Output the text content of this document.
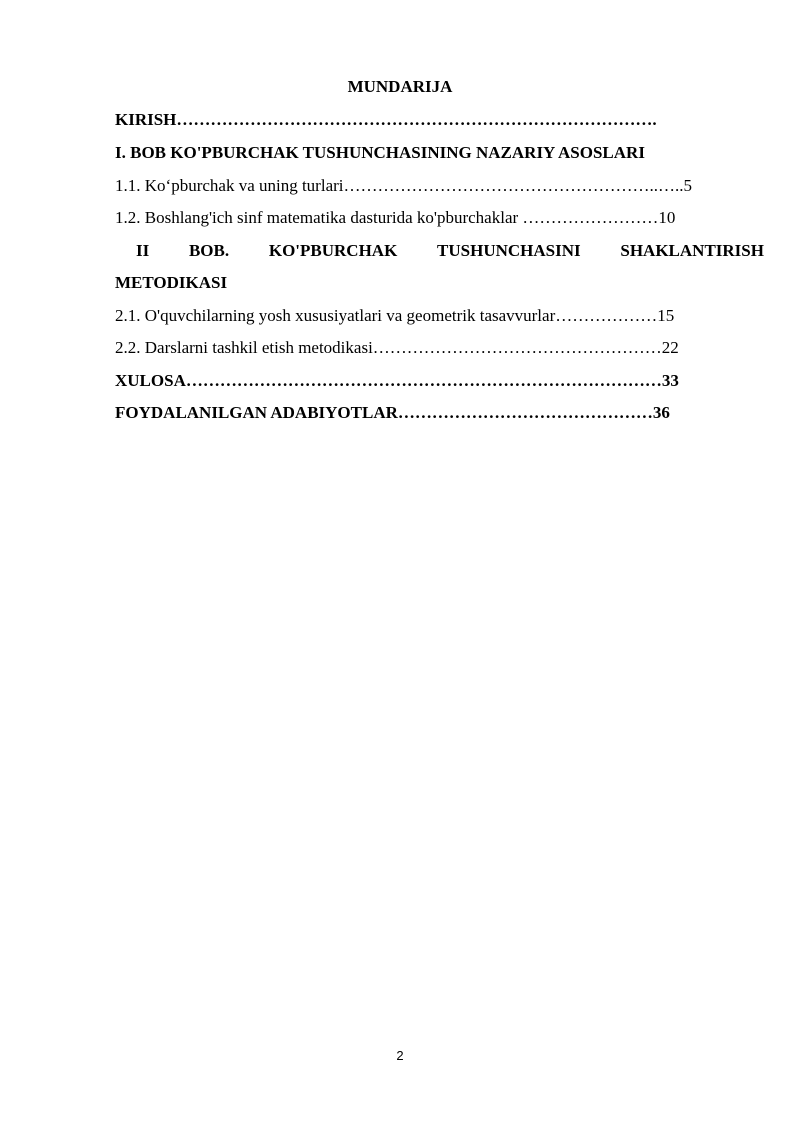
MUNDARIJA
KIRISH………………………………………………………………………….
I. BOB KO'PBURCHAK TUSHUNCHASINING NAZARIY ASOSLARI
1.1. Koʻpburchak va uning turlari………………………………………………..…..5
1.2. Boshlang'ich sinf matematika dasturida ko'pburchaklar ……………………10
II BOB. KO'PBURCHAK TUSHUNCHASINI SHAKLANTIRISH
METODIKASI
2.1. O'quvchilarning yosh xususiyatlari va geometrik tasavvurlar………………15
2.2. Darslarni tashkil etish metodikasi……………………………………………22
XULOSA…………………………………………………………………………33
FOYDALANILGAN ADABIYOTLAR………………………………………36
2
